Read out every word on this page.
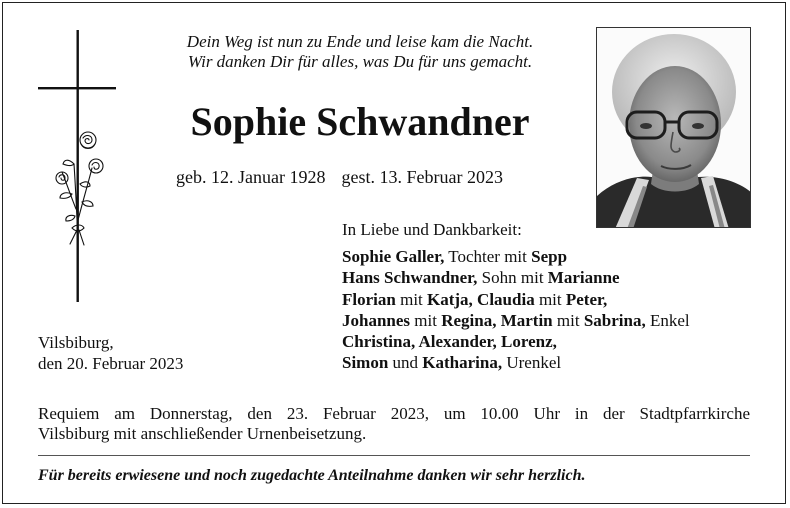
Dein Weg ist nun zu Ende und leise kam die Nacht.
Wir danken Dir für alles, was Du für uns gemacht.
Sophie Schwandner
geb. 12. Januar 1928 gest. 13. Februar 2023
In Liebe und Dankbarkeit:
Sophie Galler, Tochter mit Sepp
Hans Schwandner, Sohn mit Marianne
Florian mit Katja, Claudia mit Peter,
Johannes mit Regina, Martin mit Sabrina, Enkel
Christina, Alexander, Lorenz,
Simon und Katharina, Urenkel
Vilsbiburg,
den 20. Februar 2023
Requiem am Donnerstag, den 23. Februar 2023, um 10.00 Uhr in der Stadtpfarrkirche
Vilsbiburg mit anschließender Urnenbeisetzung.
Für bereits erwiesene und noch zugedachte Anteilnahme danken wir sehr herzlich.
